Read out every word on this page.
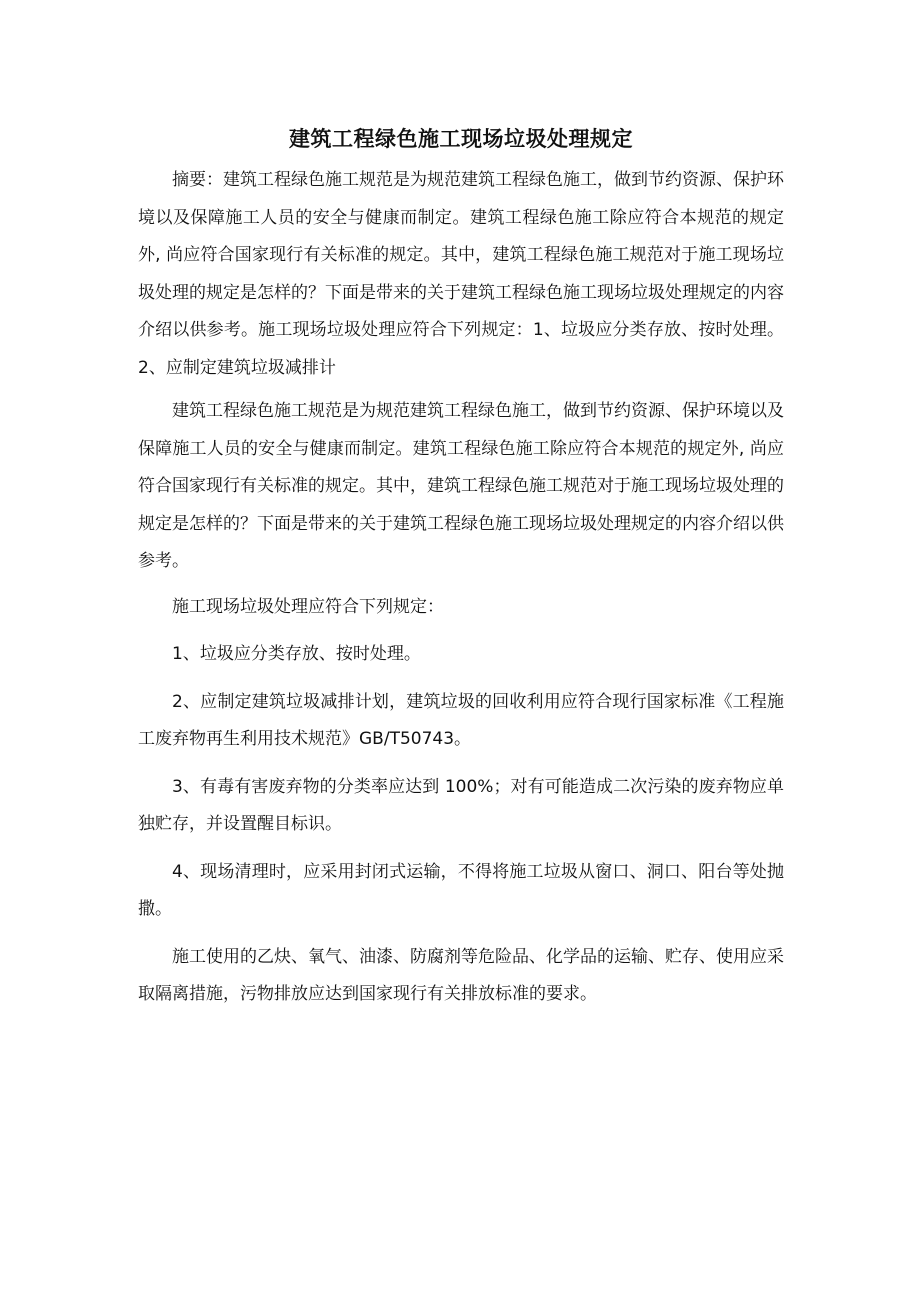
建筑工程绿色施工现场垃圾处理规定

摘要：建筑工程绿色施工规范是为规范建筑工程绿色施工，做到节约资源、保护环境以及保障施工人员的安全与健康而制定。建筑工程绿色施工除应符合本规范的规定外, 尚应符合国家现行有关标准的规定。其中，建筑工程绿色施工规范对于施工现场垃圾处理的规定是怎样的？下面是带来的关于建筑工程绿色施工现场垃圾处理规定的内容介绍以供参考。施工现场垃圾处理应符合下列规定：1、垃圾应分类存放、按时处理。2、应制定建筑垃圾减排计

建筑工程绿色施工规范是为规范建筑工程绿色施工，做到节约资源、保护环境以及保障施工人员的安全与健康而制定。建筑工程绿色施工除应符合本规范的规定外, 尚应符合国家现行有关标准的规定。其中，建筑工程绿色施工规范对于施工现场垃圾处理的规定是怎样的？下面是带来的关于建筑工程绿色施工现场垃圾处理规定的内容介绍以供参考。

施工现场垃圾处理应符合下列规定：

1、垃圾应分类存放、按时处理。

2、应制定建筑垃圾减排计划，建筑垃圾的回收利用应符合现行国家标准《工程施工废弃物再生利用技术规范》GB/T50743。

3、有毒有害废弃物的分类率应达到 100%；对有可能造成二次污染的废弃物应单独贮存，并设置醒目标识。

4、现场清理时，应采用封闭式运输，不得将施工垃圾从窗口、洞口、阳台等处抛撒。

施工使用的乙炔、氧气、油漆、防腐剂等危险品、化学品的运输、贮存、使用应采取隔离措施，污物排放应达到国家现行有关排放标准的要求。
